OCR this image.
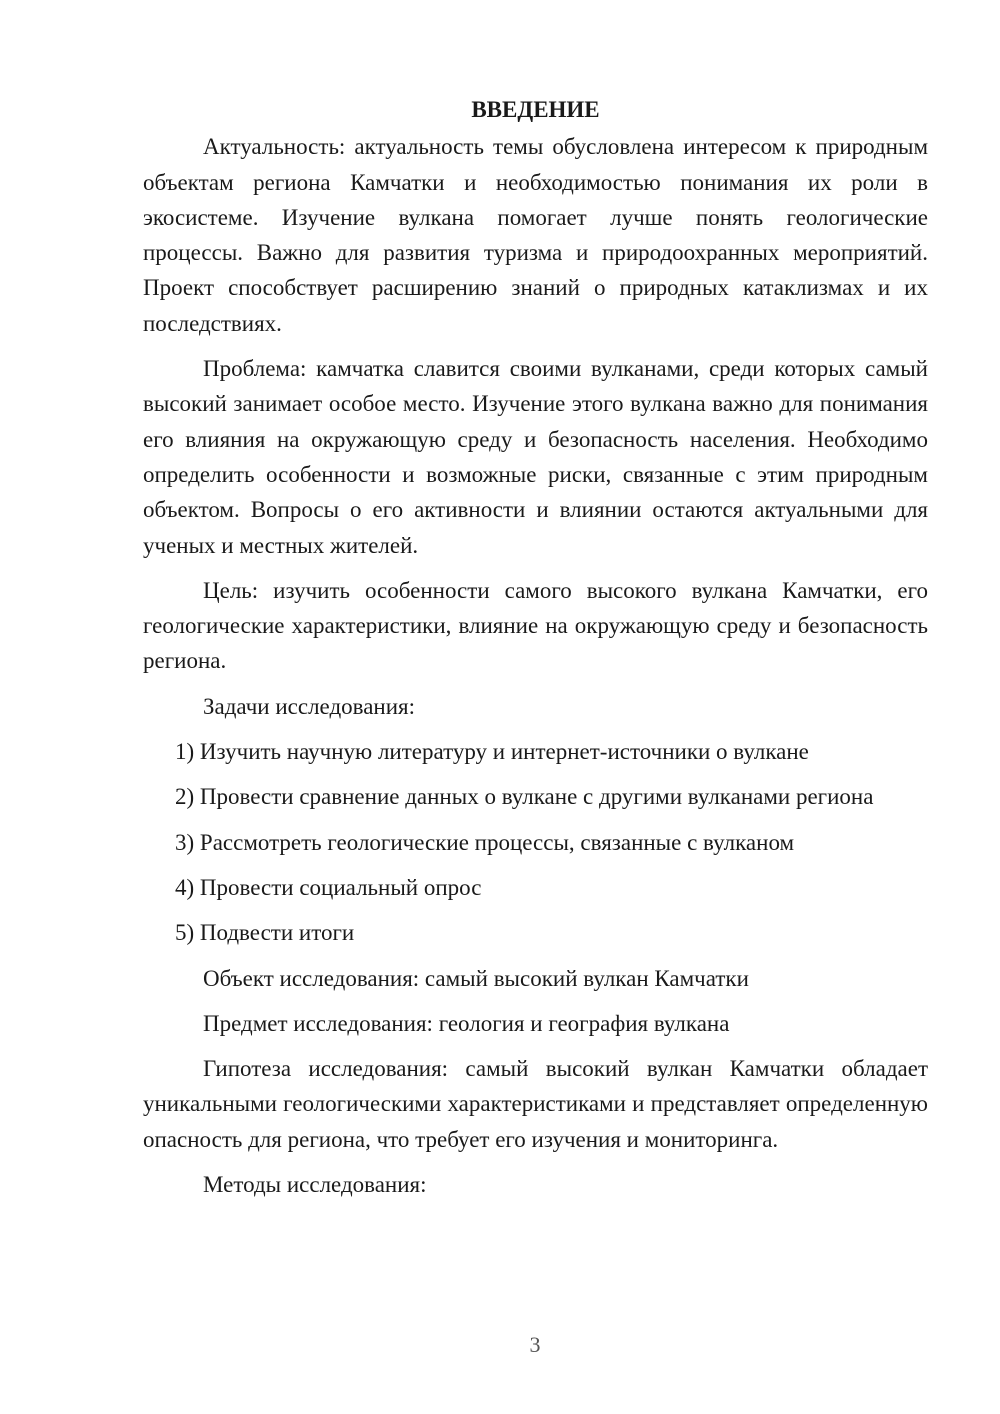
ВВЕДЕНИЕ

Актуальность: актуальность темы обусловлена интересом к природным объектам региона Камчатки и необходимостью понимания их роли в экосистеме. Изучение вулкана помогает лучше понять геологические процессы. Важно для развития туризма и природоохранных мероприятий. Проект способствует расширению знаний о природных катаклизмах и их последствиях.

Проблема: камчатка славится своими вулканами, среди которых самый высокий занимает особое место. Изучение этого вулкана важно для понимания его влияния на окружающую среду и безопасность населения. Необходимо определить особенности и возможные риски, связанные с этим природным объектом. Вопросы о его активности и влиянии остаются актуальными для ученых и местных жителей.

Цель: изучить особенности самого высокого вулкана Камчатки, его геологические характеристики, влияние на окружающую среду и безопасность региона.

Задачи исследования:

1) Изучить научную литературу и интернет-источники о вулкане

2) Провести сравнение данных о вулкане с другими вулканами региона

3) Рассмотреть геологические процессы, связанные с вулканом

4) Провести социальный опрос

5) Подвести итоги

Объект исследования: самый высокий вулкан Камчатки

Предмет исследования: геология и география вулкана

Гипотеза исследования: самый высокий вулкан Камчатки обладает уникальными геологическими характеристиками и представляет определенную опасность для региона, что требует его изучения и мониторинга.

Методы исследования:

3
